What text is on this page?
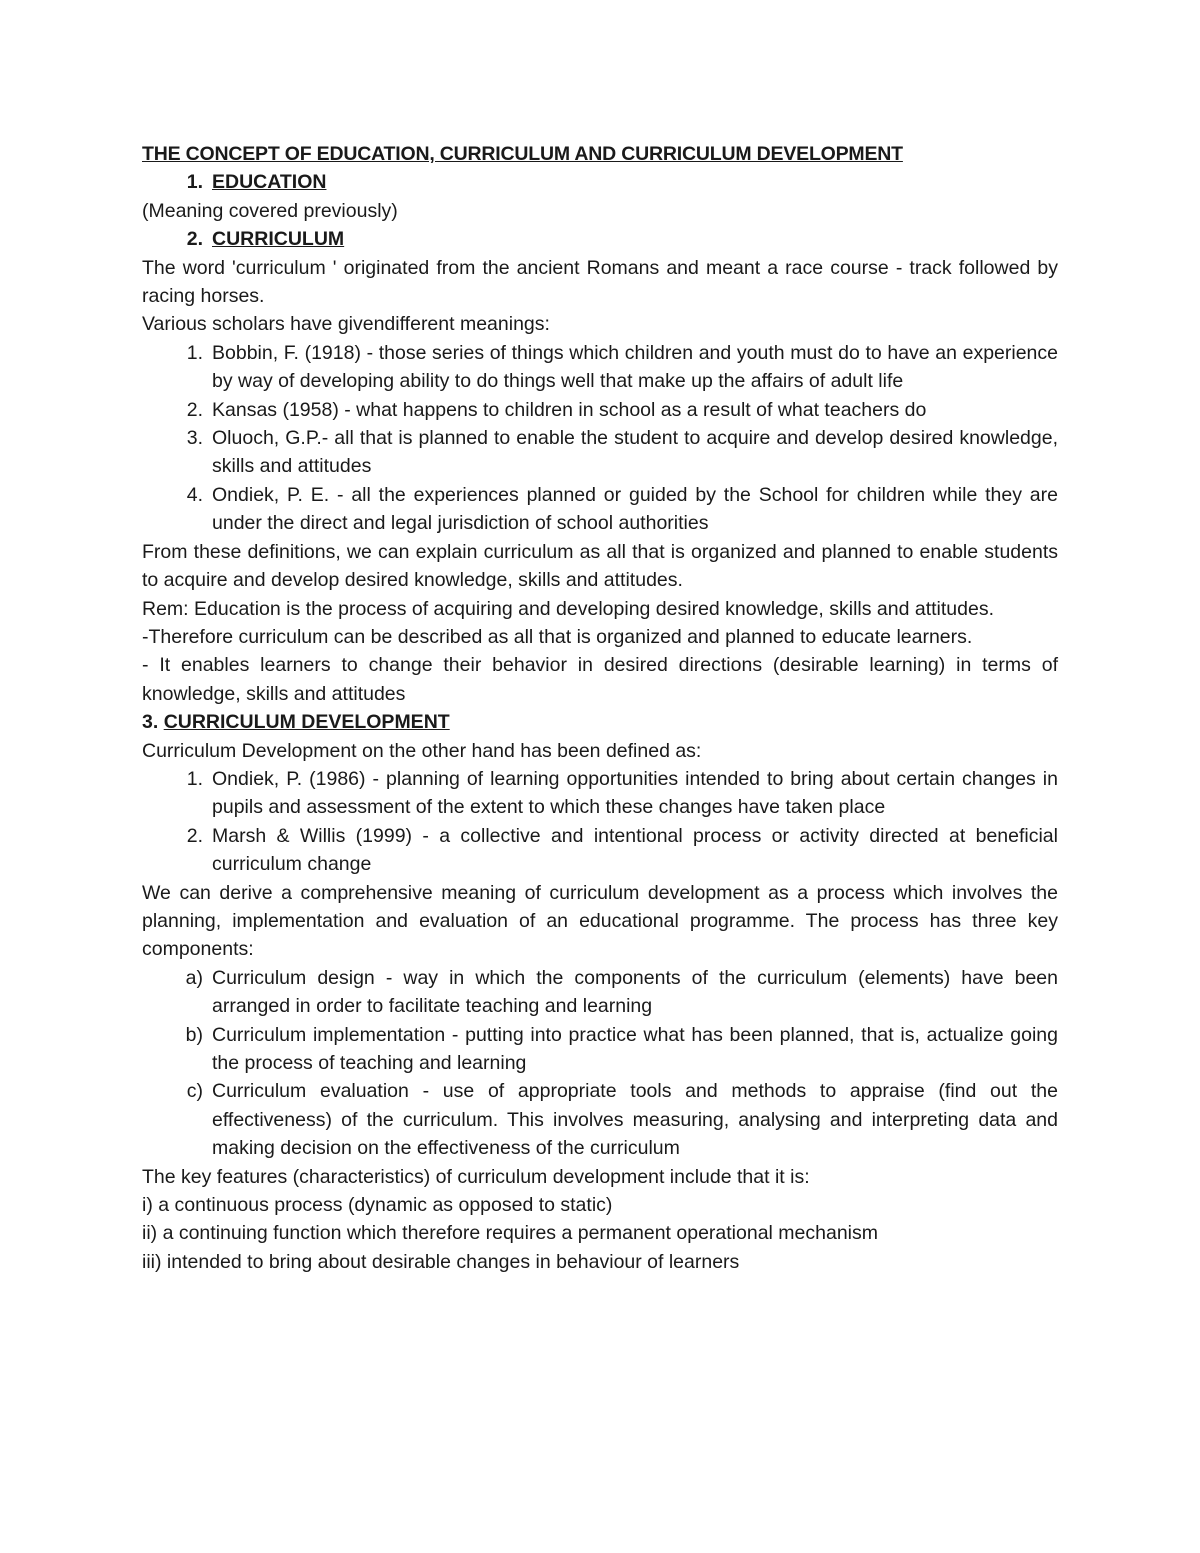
THE CONCEPT OF EDUCATION, CURRICULUM AND CURRICULUM DEVELOPMENT

1. EDUCATION

(Meaning covered previously)

2. CURRICULUM

The word 'curriculum ' originated from the ancient Romans and meant a race course - track followed by racing horses.

Various scholars have givendifferent meanings:

1. Bobbin, F. (1918) - those series of things which children and youth must do to have an experience by way of developing ability to do things well that make up the affairs of adult life
2. Kansas (1958) - what happens to children in school as a result of what teachers do
3. Oluoch, G.P.- all that is planned to enable the student to acquire and develop desired knowledge, skills and attitudes
4. Ondiek, P. E. - all the experiences planned or guided by the School for children while they are under the direct and legal jurisdiction of school authorities

From these definitions, we can explain curriculum as all that is organized and planned to enable students to acquire and develop desired knowledge, skills and attitudes.

Rem: Education is the process of acquiring and developing desired knowledge, skills and attitudes.

-Therefore curriculum can be described as all that is organized and planned to educate learners.

- It enables learners to change their behavior in desired directions (desirable learning) in terms of knowledge, skills and attitudes

3. CURRICULUM DEVELOPMENT

Curriculum Development on the other hand has been defined as:

1. Ondiek, P. (1986) - planning of learning opportunities intended to bring about certain changes in pupils and assessment of the extent to which these changes have taken place
2. Marsh & Willis (1999) - a collective and intentional process or activity directed at beneficial curriculum change

We can derive a comprehensive meaning of curriculum development as a process which involves the planning, implementation and evaluation of an educational programme. The process has three key components:

a) Curriculum design - way in which the components of the curriculum (elements) have been arranged in order to facilitate teaching and learning
b) Curriculum implementation - putting into practice what has been planned, that is, actualize going the process of teaching and learning
c) Curriculum evaluation - use of appropriate tools and methods to appraise (find out the effectiveness) of the curriculum. This involves measuring, analysing and interpreting data and making decision on the effectiveness of the curriculum

The key features (characteristics) of curriculum development include that it is:

i) a continuous process (dynamic as opposed to static)

ii) a continuing function which therefore requires a permanent operational mechanism

iii) intended to bring about desirable changes in behaviour of learners
